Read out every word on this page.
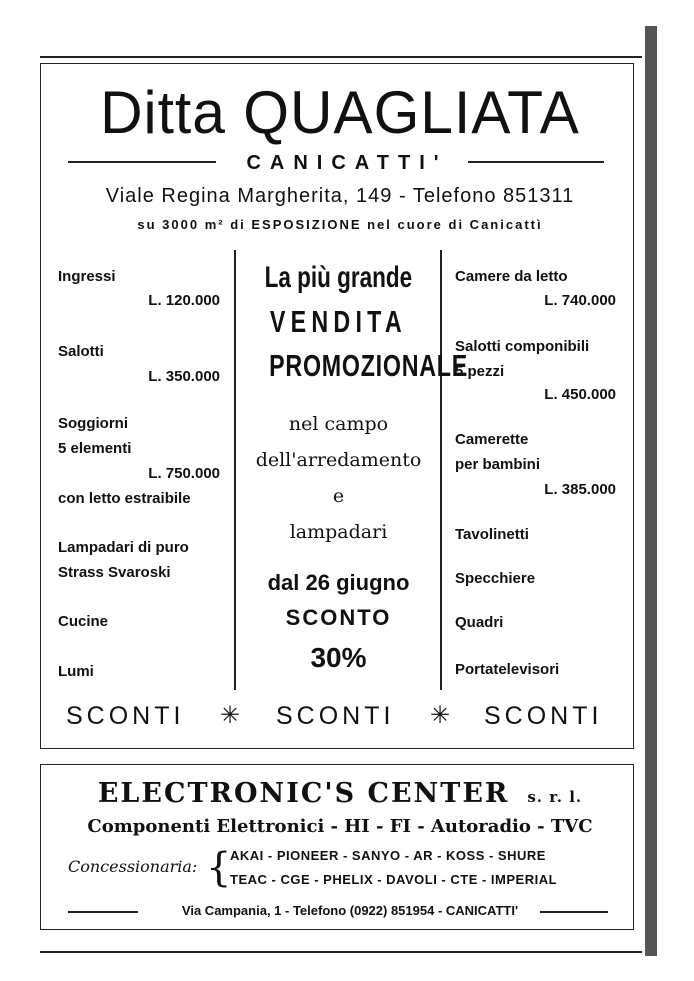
Ditta QUAGLIATA
CANICATTI'
Viale Regina Margherita, 149 - Telefono 851311
su 3000 m² di ESPOSIZIONE nel cuore di Canicattì
Ingressi
L. 120.000
Salotti
L. 350.000
Soggiorni
5 elementi
L. 750.000
con letto estraibile
Lampadari di puro
Strass Svaroski
Cucine
Lumi
La più grande
VENDITA
PROMOZIONALE
nel campo
dell'arredamento
e
lampadari
dal 26 giugno
SCONTO
30%
Camere da letto
L. 740.000
Salotti componibili
5 pezzi
L. 450.000
Camerette
per bambini
L. 385.000
Tavolinetti
Specchiere
Quadri
Portatelevisori
SCONTI ✳ SCONTI ✳ SCONTI
ELECTRONIC'S CENTER s. r. l.
Componenti Elettronici - HI - FI - Autoradio - TVC
Concessionaria: {
AKAI - PIONEER - SANYO - AR - KOSS - SHURE
TEAC - CGE - PHELIX - DAVOLI - CTE - IMPERIAL
Via Campania, 1 - Telefono (0922) 851954 - CANICATTI'
